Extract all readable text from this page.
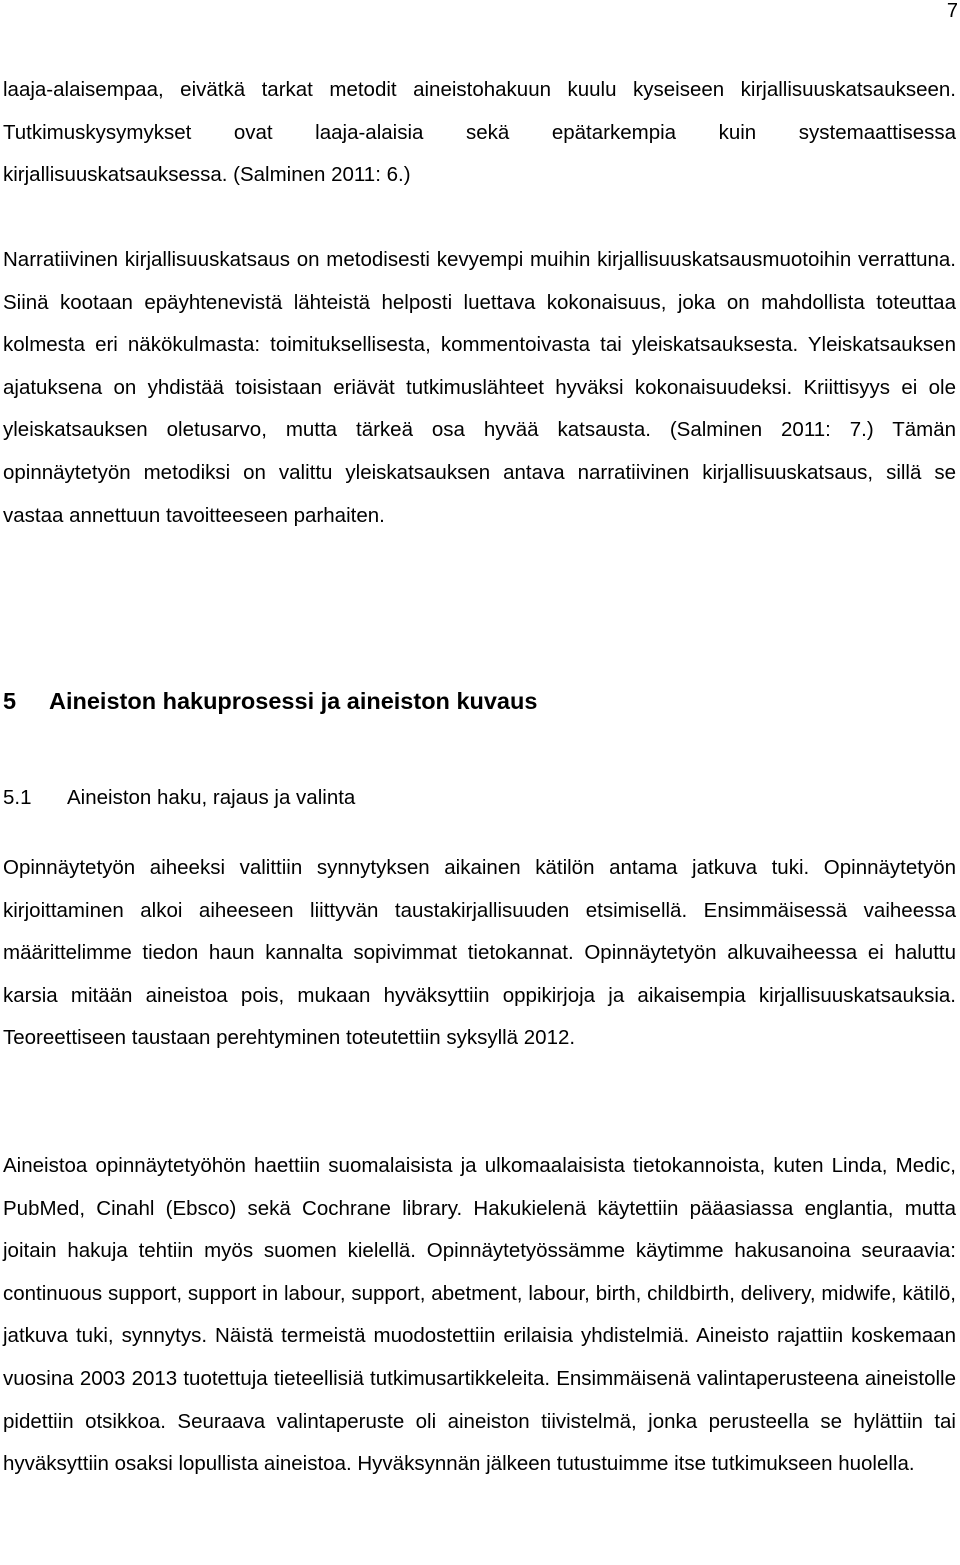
7

laaja-alaisempaa, eivätkä tarkat metodit aineistohakuun kuulu kyseiseen kirjallisuuskatsaukseen. Tutkimuskysymykset ovat laaja-alaisia sekä epätarkempia kuin systemaattisessa kirjallisuuskatsauksessa. (Salminen 2011: 6.)

Narratiivinen kirjallisuuskatsaus on metodisesti kevyempi muihin kirjallisuuskatsausmuotoihin verrattuna. Siinä kootaan epäyhtenevistä lähteistä helposti luettava kokonaisuus, joka on mahdollista toteuttaa kolmesta eri näkökulmasta: toimituksellisesta, kommentoivasta tai yleiskatsauksesta. Yleiskatsauksen ajatuksena on yhdistää toisistaan eriävät tutkimuslähteet hyväksi kokonaisuudeksi. Kriittisyys ei ole yleiskatsauksen oletusarvo, mutta tärkeä osa hyvää katsausta. (Salminen 2011: 7.) Tämän opinnäytetyön metodiksi on valittu yleiskatsauksen antava narratiivinen kirjallisuuskatsaus, sillä se vastaa annettuun tavoitteeseen parhaiten.

5 Aineiston hakuprosessi ja aineiston kuvaus
5.1 Aineiston haku, rajaus ja valinta

Opinnäytetyön aiheeksi valittiin synnytyksen aikainen kätilön antama jatkuva tuki. Opinnäytetyön kirjoittaminen alkoi aiheeseen liittyvän taustakirjallisuuden etsimisellä. Ensimmäisessä vaiheessa määrittelimme tiedon haun kannalta sopivimmat tietokannat. Opinnäytetyön alkuvaiheessa ei haluttu karsia mitään aineistoa pois, mukaan hyväksyttiin oppikirjoja ja aikaisempia kirjallisuuskatsauksia. Teoreettiseen taustaan perehtyminen toteutettiin syksyllä 2012.

Aineistoa opinnäytetyöhön haettiin suomalaisista ja ulkomaalaisista tietokannoista, kuten Linda, Medic, PubMed, Cinahl (Ebsco) sekä Cochrane library. Hakukielenä käytettiin pääasiassa englantia, mutta joitain hakuja tehtiin myös suomen kielellä. Opinnäytetyössämme käytimme hakusanoina seuraavia: continuous support, support in labour, support, abetment, labour, birth, childbirth, delivery, midwife, kätilö, jatkuva tuki, synnytys. Näistä termeistä muodostettiin erilaisia yhdistelmiä. Aineisto rajattiin koskemaan vuosina 2003 2013 tuotettuja tieteellisiä tutkimusartikkeleita. Ensimmäisenä valintaperusteena aineistolle pidettiin otsikkoa. Seuraava valintaperuste oli aineiston tiivistelmä, jonka perusteella se hylättiin tai hyväksyttiin osaksi lopullista aineistoa. Hyväksynnän jälkeen tutustuimme itse tutkimukseen huolella.
